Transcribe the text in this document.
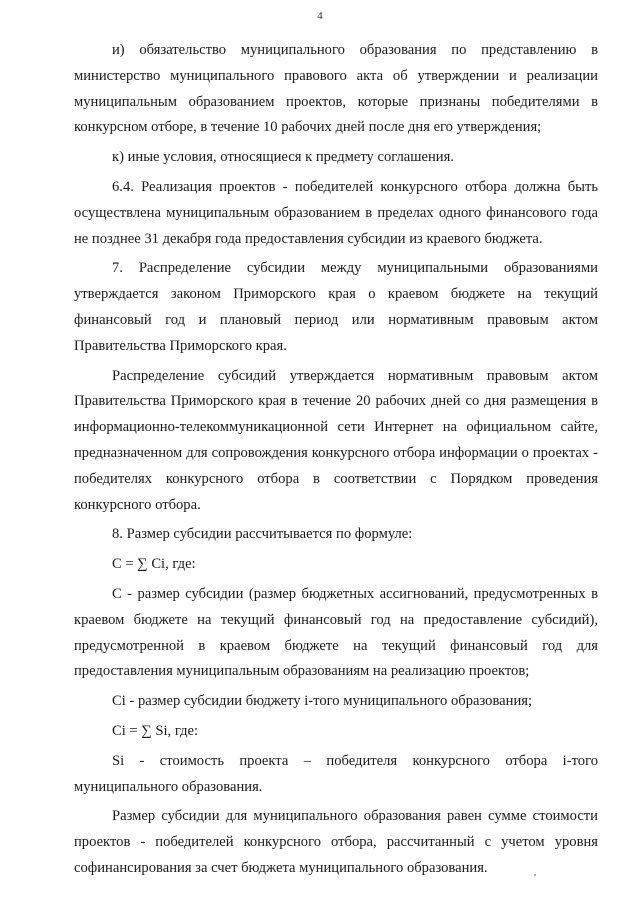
4

и) обязательство муниципального образования по представлению в министерство муниципального правового акта об утверждении и реализации муниципальным образованием проектов, которые признаны победителями в конкурсном отборе, в течение 10 рабочих дней после дня его утверждения;

к) иные условия, относящиеся к предмету соглашения.

6.4. Реализация проектов - победителей конкурсного отбора должна быть осуществлена муниципальным образованием в пределах одного финансового года не позднее 31 декабря года предоставления субсидии из краевого бюджета.

7. Распределение субсидии между муниципальными образованиями утверждается законом Приморского края о краевом бюджете на текущий финансовый год и плановый период или нормативным правовым актом Правительства Приморского края.

Распределение субсидий утверждается нормативным правовым актом Правительства Приморского края в течение 20 рабочих дней со дня размещения в информационно-телекоммуникационной сети Интернет на официальном сайте, предназначенном для сопровождения конкурсного отбора информации о проектах - победителях конкурсного отбора в соответствии с Порядком проведения конкурсного отбора.

8. Размер субсидии рассчитывается по формуле:

С = ∑ Сi, где:

С - размер субсидии (размер бюджетных ассигнований, предусмотренных в краевом бюджете на текущий финансовый год на предоставление субсидий), предусмотренной в краевом бюджете на текущий финансовый год для предоставления муниципальным образованиям на реализацию проектов;

Сi - размер субсидии бюджету i-того муниципального образования;

Сi = ∑ Si, где:

Si - стоимость проекта – победителя конкурсного отбора i-того муниципального образования.

Размер субсидии для муниципального образования равен сумме стоимости проектов - победителей конкурсного отбора, рассчитанный с учетом уровня софинансирования за счет бюджета муниципального образования.
